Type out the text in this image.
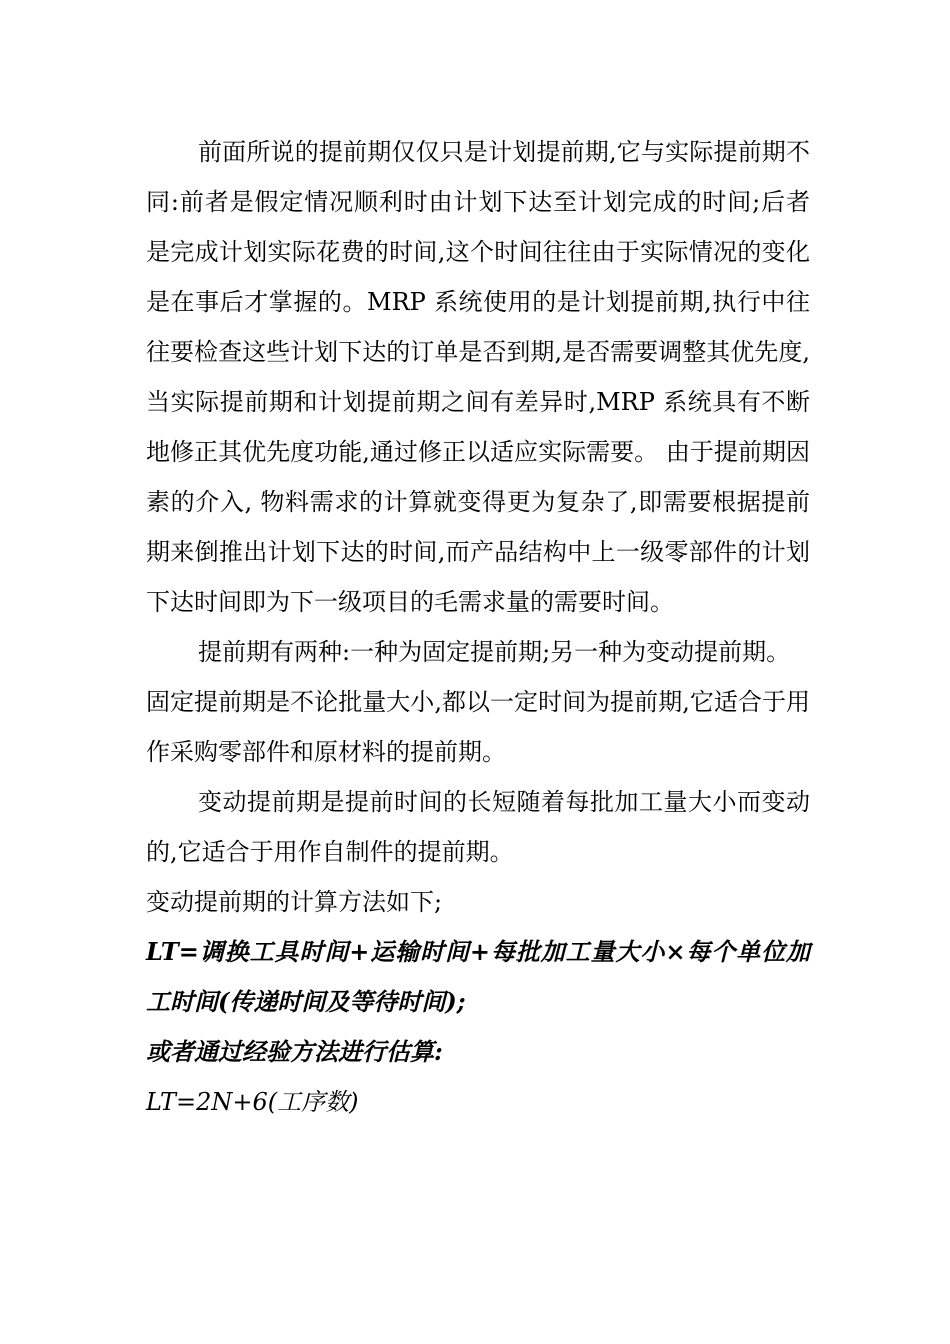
前面所说的提前期仅仅只是计划提前期,它与实际提前期不同:前者是假定情况顺利时由计划下达至计划完成的时间;后者是完成计划实际花费的时间,这个时间往往由于实际情况的变化是在事后才掌握的。MRP 系统使用的是计划提前期,执行中往往要检查这些计划下达的订单是否到期,是否需要调整其优先度,当实际提前期和计划提前期之间有差异时,MRP 系统具有不断地修正其优先度功能,通过修正以适应实际需要。 由于提前期因素的介入, 物料需求的计算就变得更为复杂了,即需要根据提前期来倒推出计划下达的时间,而产品结构中上一级零部件的计划下达时间即为下一级项目的毛需求量的需要时间。

提前期有两种:一种为固定提前期;另一种为变动提前期。

固定提前期是不论批量大小,都以一定时间为提前期,它适合于用作采购零部件和原材料的提前期。

变动提前期是提前时间的长短随着每批加工量大小而变动的,它适合于用作自制件的提前期。

变动提前期的计算方法如下;

LT=调换工具时间+运输时间+每批加工量大小×每个单位加工时间(传递时间及等待时间);

或者通过经验方法进行估算:

LT=2N+6(工序数)
